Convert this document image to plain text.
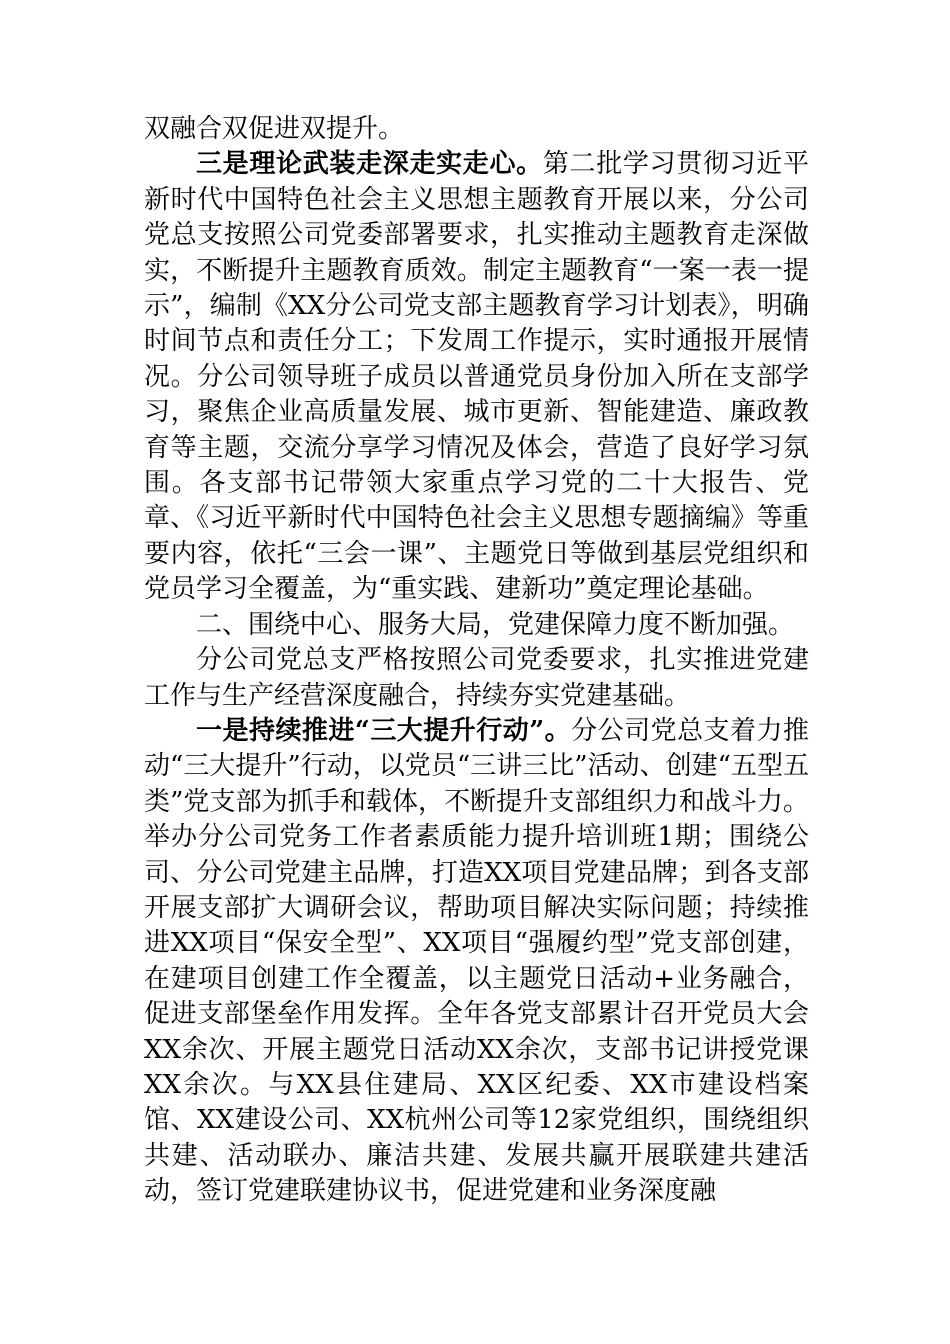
双融合双促进双提升。

三是理论武装走深走实走心。第二批学习贯彻习近平新时代中国特色社会主义思想主题教育开展以来，分公司党总支按照公司党委部署要求，扎实推动主题教育走深做实，不断提升主题教育质效。制定主题教育“一案一表一提示”，编制《XX分公司党支部主题教育学习计划表》，明确时间节点和责任分工；下发周工作提示，实时通报开展情况。分公司领导班子成员以普通党员身份加入所在支部学习，聚焦企业高质量发展、城市更新、智能建造、廉政教育等主题，交流分享学习情况及体会，营造了良好学习氛围。各支部书记带领大家重点学习党的二十大报告、党章、《习近平新时代中国特色社会主义思想专题摘编》等重要内容，依托“三会一课”、主题党日等做到基层党组织和党员学习全覆盖，为“重实践、建新功”奠定理论基础。

二、围绕中心、服务大局，党建保障力度不断加强。

分公司党总支严格按照公司党委要求，扎实推进党建工作与生产经营深度融合，持续夯实党建基础。

一是持续推进“三大提升行动”。分公司党总支着力推动“三大提升”行动，以党员“三讲三比”活动、创建“五型五类”党支部为抓手和载体，不断提升支部组织力和战斗力。举办分公司党务工作者素质能力提升培训班1期；围绕公司、分公司党建主品牌，打造XX项目党建品牌；到各支部开展支部扩大调研会议，帮助项目解决实际问题；持续推进XX项目“保安全型”、XX项目“强履约型”党支部创建，在建项目创建工作全覆盖，以主题党日活动+业务融合，促进支部堡垒作用发挥。全年各党支部累计召开党员大会XX余次、开展主题党日活动XX余次，支部书记讲授党课XX余次。与XX县住建局、XX区纪委、XX市建设档案馆、XX建设公司、XX杭州公司等12家党组织，围绕组织共建、活动联办、廉洁共建、发展共赢开展联建共建活动，签订党建联建协议书，促进党建和业务深度融
